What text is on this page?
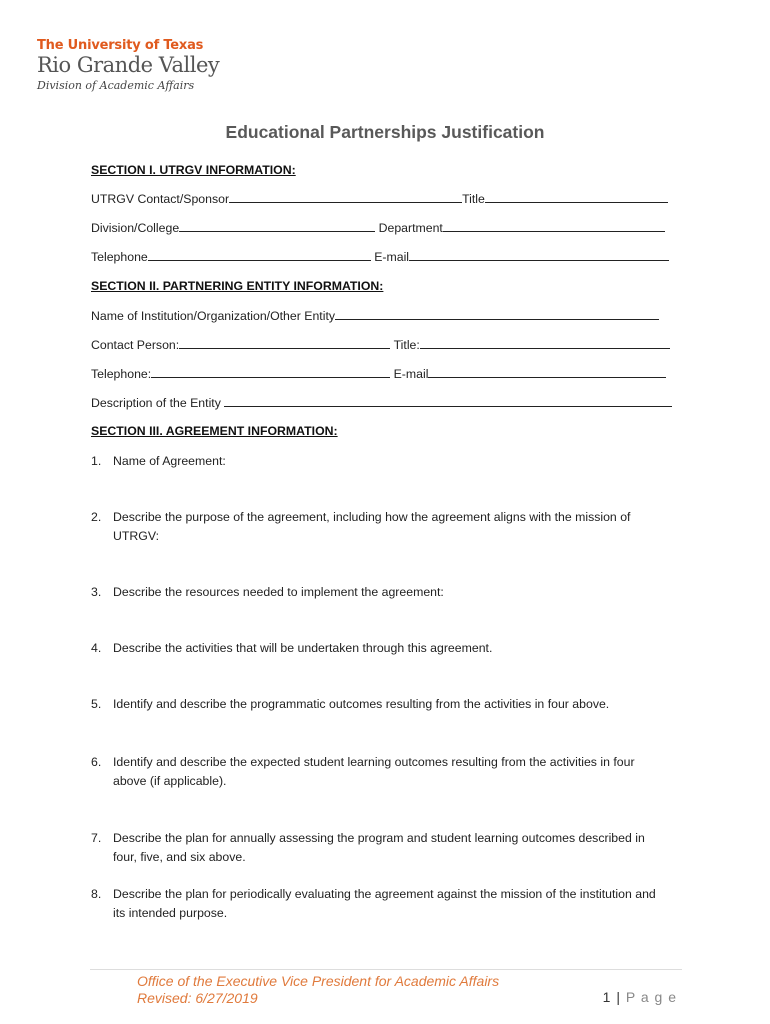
The University of Texas
Rio Grande Valley
Division of Academic Affairs
Educational Partnerships Justification
SECTION I. UTRGV INFORMATION:
UTRGV Contact/Sponsor	Title
Division/College	Department
Telephone	E-mail
SECTION II. PARTNERING ENTITY INFORMATION:
Name of Institution/Organization/Other Entity
Contact Person:	Title:
Telephone:	E-mail
Description of the Entity
SECTION III. AGREEMENT INFORMATION:
1. Name of Agreement:
2. Describe the purpose of the agreement, including how the agreement aligns with the mission of UTRGV:
3. Describe the resources needed to implement the agreement:
4. Describe the activities that will be undertaken through this agreement.
5. Identify and describe the programmatic outcomes resulting from the activities in four above.
6. Identify and describe the expected student learning outcomes resulting from the activities in four above (if applicable).
7. Describe the plan for annually assessing the program and student learning outcomes described in four, five, and six above.
8. Describe the plan for periodically evaluating the agreement against the mission of the institution and its intended purpose.
Office of the Executive Vice President for Academic Affairs
Revised: 6/27/2019	1 | P a g e
